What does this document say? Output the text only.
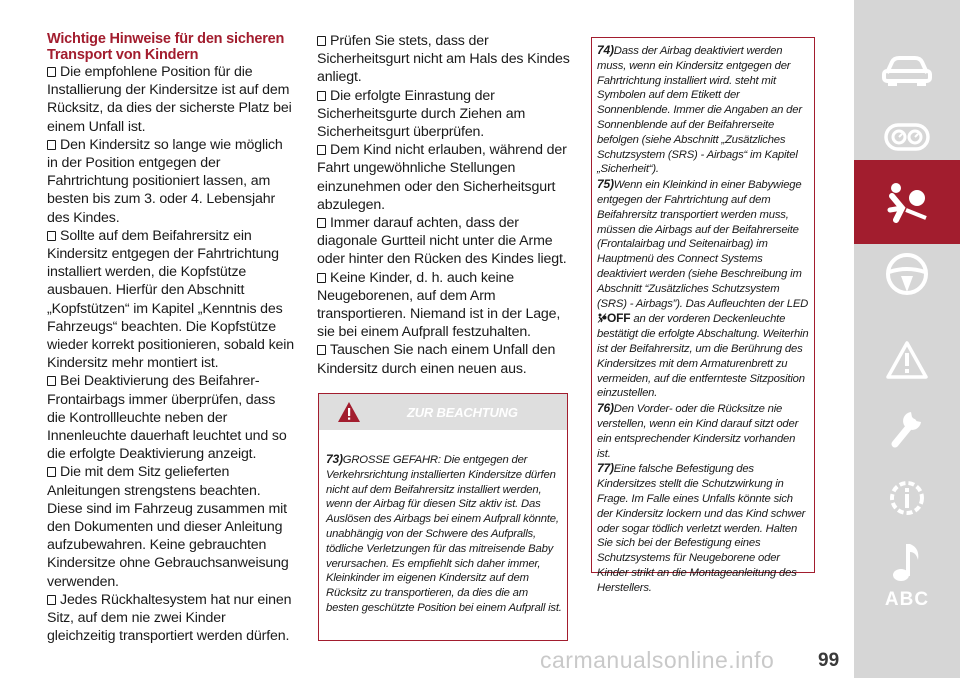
Wichtige Hinweise für den sicheren Transport von Kindern

Die empfohlene Position für die Installierung der Kindersitze ist auf dem Rücksitz, da dies der sicherste Platz bei einem Unfall ist.

Den Kindersitz so lange wie möglich in der Position entgegen der Fahrtrichtung positioniert lassen, am besten bis zum 3. oder 4. Lebensjahr des Kindes.

Sollte auf dem Beifahrersitz ein Kindersitz entgegen der Fahrtrichtung installiert werden, die Kopfstütze ausbauen. Hierfür den Abschnitt „Kopfstützen“ im Kapitel „Kenntnis des Fahrzeugs“ beachten. Die Kopfstütze wieder korrekt positionieren, sobald kein Kindersitz mehr montiert ist.

Bei Deaktivierung des Beifahrer-Frontairbags immer überprüfen, dass die Kontrollleuchte neben der Innenleuchte dauerhaft leuchtet und so die erfolgte Deaktivierung anzeigt.

Die mit dem Sitz gelieferten Anleitungen strengstens beachten. Diese sind im Fahrzeug zusammen mit den Dokumenten und dieser Anleitung aufzubewahren. Keine gebrauchten Kindersitze ohne Gebrauchsanweisung verwenden.

Jedes Rückhaltesystem hat nur einen Sitz, auf dem nie zwei Kinder gleichzeitig transportiert werden dürfen.

Prüfen Sie stets, dass der Sicherheitsgurt nicht am Hals des Kindes anliegt.

Die erfolgte Einrastung der Sicherheitsgurte durch Ziehen am Sicherheitsgurt überprüfen.

Dem Kind nicht erlauben, während der Fahrt ungewöhnliche Stellungen einzunehmen oder den Sicherheitsgurt abzulegen.

Immer darauf achten, dass der diagonale Gurtteil nicht unter die Arme oder hinter den Rücken des Kindes liegt.

Keine Kinder, d. h. auch keine Neugeborenen, auf dem Arm transportieren. Niemand ist in der Lage, sie bei einem Aufprall festzuhalten.

Tauschen Sie nach einem Unfall den Kindersitz durch einen neuen aus.

ZUR BEACHTUNG

73)GROSSE GEFAHR: Die entgegen der Verkehrsrichtung installierten Kindersitze dürfen nicht auf dem Beifahrersitz installiert werden, wenn der Airbag für diesen Sitz aktiv ist. Das Auslösen des Airbags bei einem Aufprall könnte, unabhängig von der Schwere des Aufpralls, tödliche Verletzungen für das mitreisende Baby verursachen. Es empfiehlt sich daher immer, Kleinkinder im eigenen Kindersitz auf dem Rücksitz zu transportieren, da dies die am besten geschützte Position bei einem Aufprall ist.

74)Dass der Airbag deaktiviert werden muss, wenn ein Kindersitz entgegen der Fahrtrichtung installiert wird. steht mit Symbolen auf dem Etikett der Sonnenblende. Immer die Angaben an der Sonnenblende auf der Beifahrerseite befolgen (siehe Abschnitt „Zusätzliches Schutzsystem (SRS) - Airbags“ im Kapitel „Sicherheit“).

75)Wenn ein Kleinkind in einer Babywiege entgegen der Fahrtrichtung auf dem Beifahrersitz transportiert werden muss, müssen die Airbags auf der Beifahrerseite (Frontalairbag und Seitenairbag) im Hauptmenü des Connect Systems deaktiviert werden (siehe Beschreibung im Abschnitt “Zusätzliches Schutzsystem (SRS) - Airbags”). Das Aufleuchten der LED OFF an der vorderen Deckenleuchte bestätigt die erfolgte Abschaltung. Weiterhin ist der Beifahrersitz, um die Berührung des Kindersitzes mit dem Armaturenbrett zu vermeiden, auf die entfernteste Sitzposition einzustellen.

76)Den Vorder- oder die Rücksitze nie verstellen, wenn ein Kind darauf sitzt oder ein entsprechender Kindersitz vorhanden ist.

77)Eine falsche Befestigung des Kindersitzes stellt die Schutzwirkung in Frage. Im Falle eines Unfalls könnte sich der Kindersitz lockern und das Kind schwer oder sogar tödlich verletzt werden. Halten Sie sich bei der Befestigung eines Schutzsystems für Neugeborene oder Kinder strikt an die Montageanleitung des Herstellers.

ABC
carmanualsonline.info 99
